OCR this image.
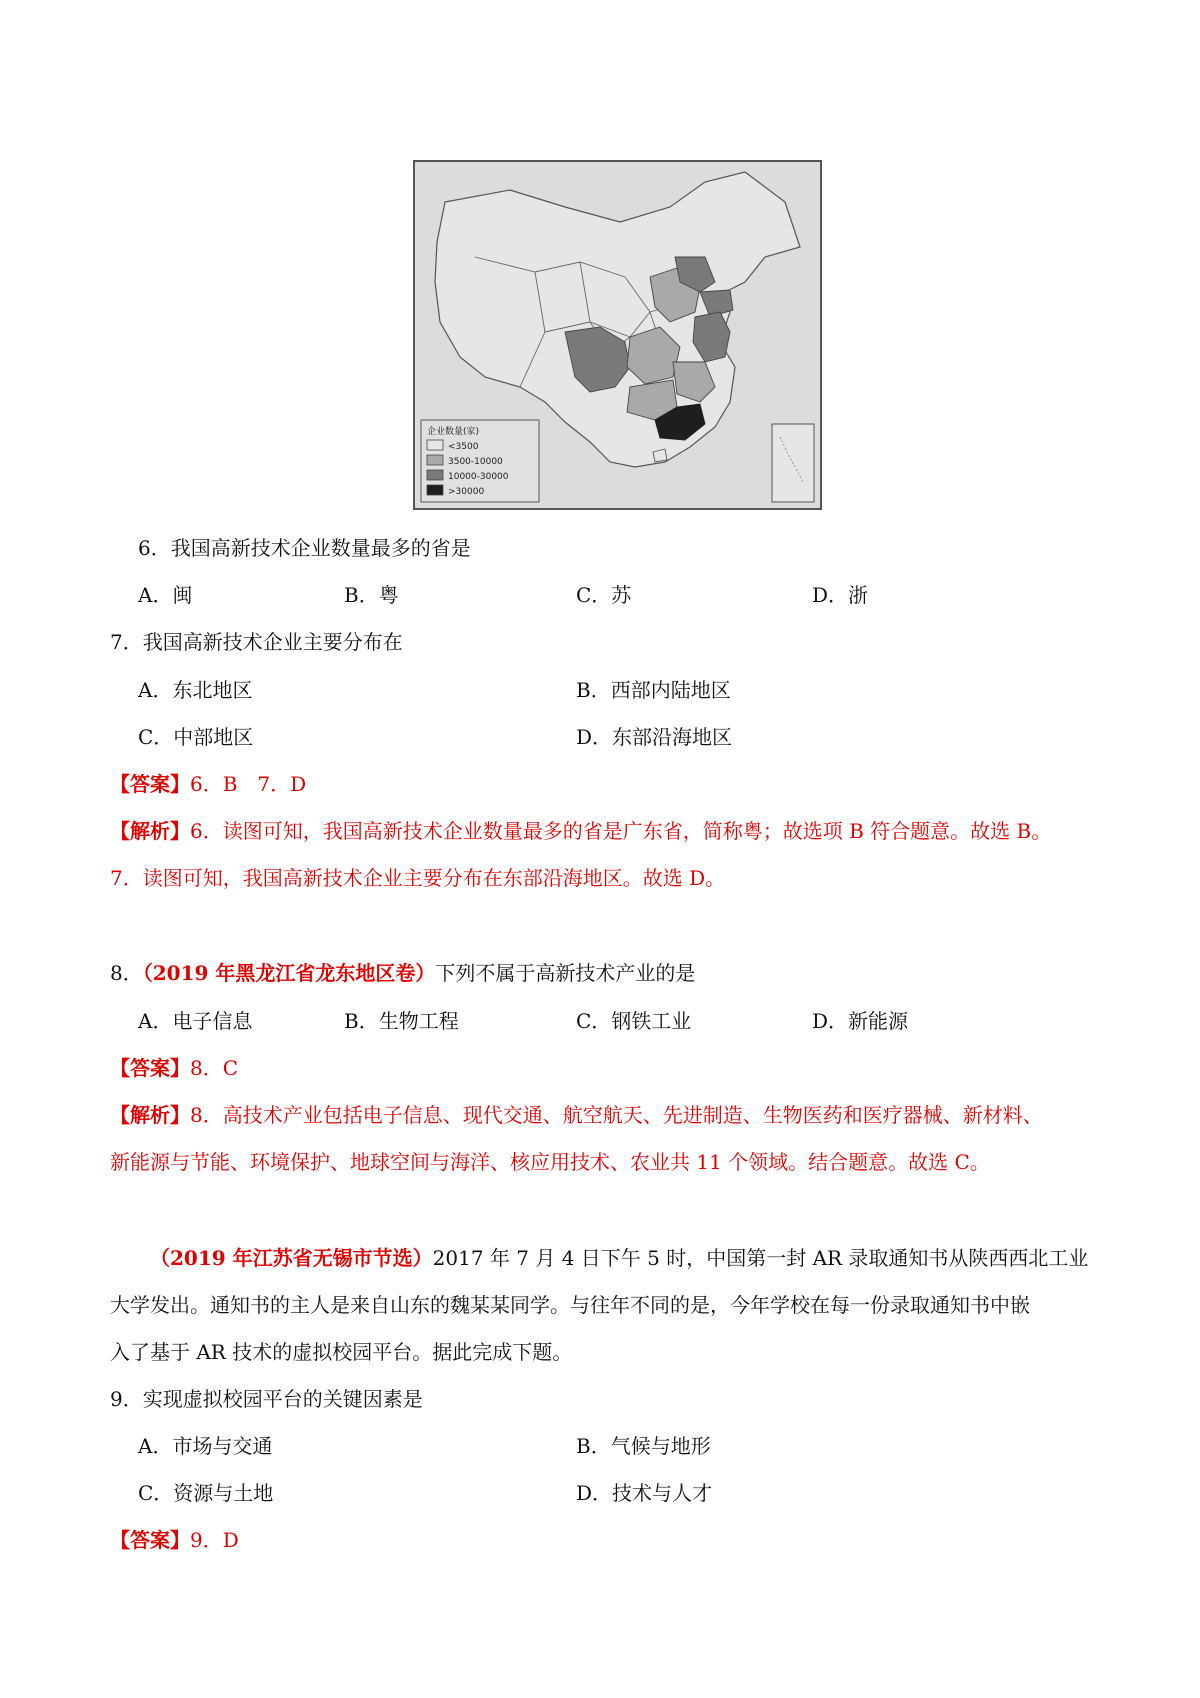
企业数量(家)
<3500
3500-10000
10000-30000
>30000
6．我国高新技术企业数量最多的省是
A．闽	B．粤	C．苏	D．浙
7．我国高新技术企业主要分布在
A．东北地区	B．西部内陆地区
C．中部地区	D．东部沿海地区
【答案】6．B　7．D
【解析】6．读图可知，我国高新技术企业数量最多的省是广东省，简称粤；故选项 B 符合题意。故选 B。
7．读图可知，我国高新技术企业主要分布在东部沿海地区。故选 D。
8．（2019 年黑龙江省龙东地区卷）下列不属于高新技术产业的是
A．电子信息	B．生物工程	C．钢铁工业	D．新能源
【答案】8．C
【解析】8．高技术产业包括电子信息、现代交通、航空航天、先进制造、生物医药和医疗器械、新材料、
新能源与节能、环境保护、地球空间与海洋、核应用技术、农业共 11 个领域。结合题意。故选 C。
（2019 年江苏省无锡市节选）2017 年 7 月 4 日下午 5 时，中国第一封 AR 录取通知书从陕西西北工业
大学发出。通知书的主人是来自山东的魏某某同学。与往年不同的是，今年学校在每一份录取通知书中嵌
入了基于 AR 技术的虚拟校园平台。据此完成下题。
9．实现虚拟校园平台的关键因素是
A．市场与交通	B．气候与地形
C．资源与土地	D．技术与人才
【答案】9．D
